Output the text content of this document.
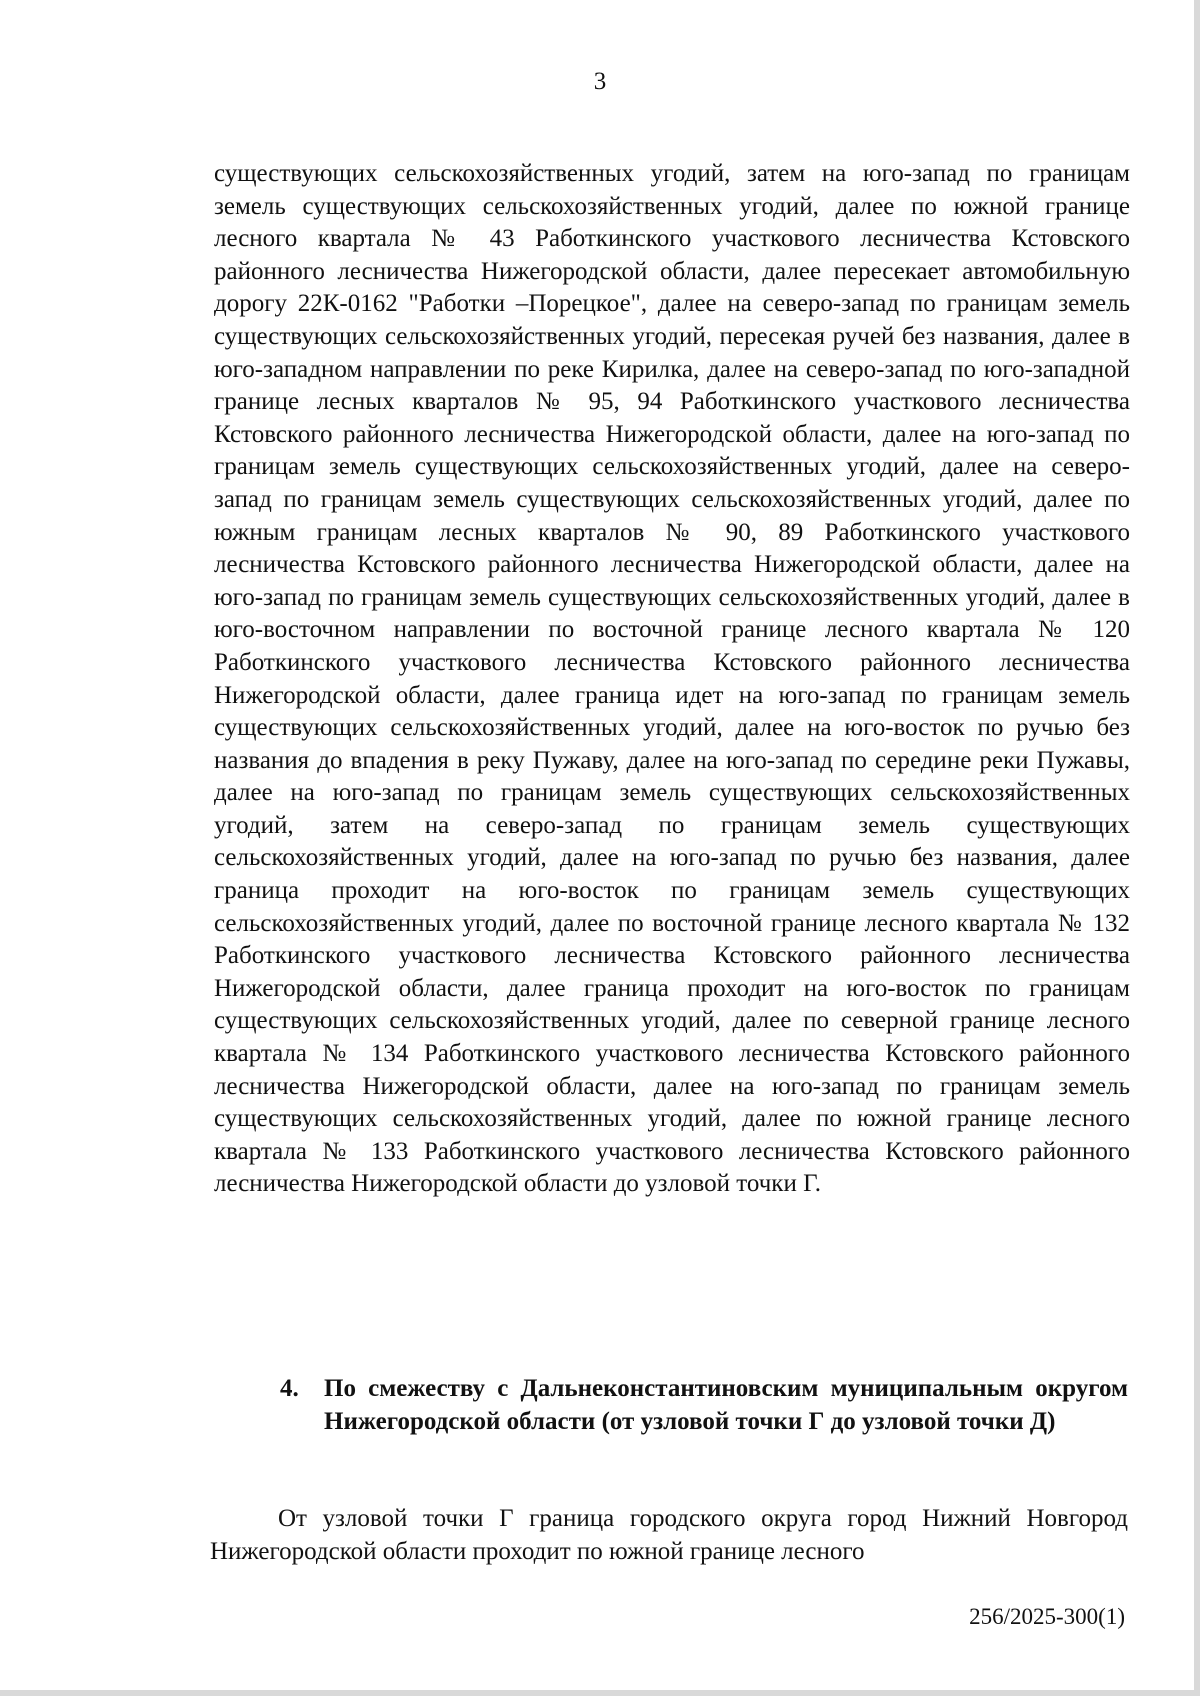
3
существующих сельскохозяйственных угодий, затем на юго-запад по границам земель существующих сельскохозяйственных угодий, далее по южной границе лесного квартала № 43 Работкинского участкового лесничества Кстовского районного лесничества Нижегородской области, далее пересекает автомобильную дорогу 22К-0162 "Работки –Порецкое", далее на северо-запад по границам земель существующих сельскохозяйственных угодий, пересекая ручей без названия, далее в юго-западном направлении по реке Кирилка, далее на северо-запад по юго-западной границе лесных кварталов № 95, 94 Работкинского участкового лесничества Кстовского районного лесничества Нижегородской области, далее на юго-запад по границам земель существующих сельскохозяйственных угодий, далее на северо-запад по границам земель существующих сельскохозяйственных угодий, далее по южным границам лесных кварталов № 90, 89 Работкинского участкового лесничества Кстовского районного лесничества Нижегородской области, далее на юго-запад по границам земель существующих сельскохозяйственных угодий, далее в юго-восточном направлении по восточной границе лесного квартала № 120 Работкинского участкового лесничества Кстовского районного лесничества Нижегородской области, далее граница идет на юго-запад по границам земель существующих сельскохозяйственных угодий, далее на юго-восток по ручью без названия до впадения в реку Пужаву, далее на юго-запад по середине реки Пужавы, далее на юго-запад по границам земель существующих сельскохозяйственных угодий, затем на северо-запад по границам земель существующих сельскохозяйственных угодий, далее на юго-запад по ручью без названия, далее граница проходит на юго-восток по границам земель существующих сельскохозяйственных угодий, далее по восточной границе лесного квартала № 132 Работкинского участкового лесничества Кстовского районного лесничества Нижегородской области, далее граница проходит на юго-восток по границам существующих сельскохозяйственных угодий, далее по северной границе лесного квартала № 134 Работкинского участкового лесничества Кстовского районного лесничества Нижегородской области, далее на юго-запад по границам земель существующих сельскохозяйственных угодий, далее по южной границе лесного квартала № 133 Работкинского участкового лесничества Кстовского районного лесничества Нижегородской области до узловой точки Г.
4. По смежеству с Дальнеконстантиновским муниципальным округом Нижегородской области (от узловой точки Г до узловой точки Д)
От узловой точки Г граница городского округа город Нижний Новгород Нижегородской области проходит по южной границе лесного
256/2025-300(1)
